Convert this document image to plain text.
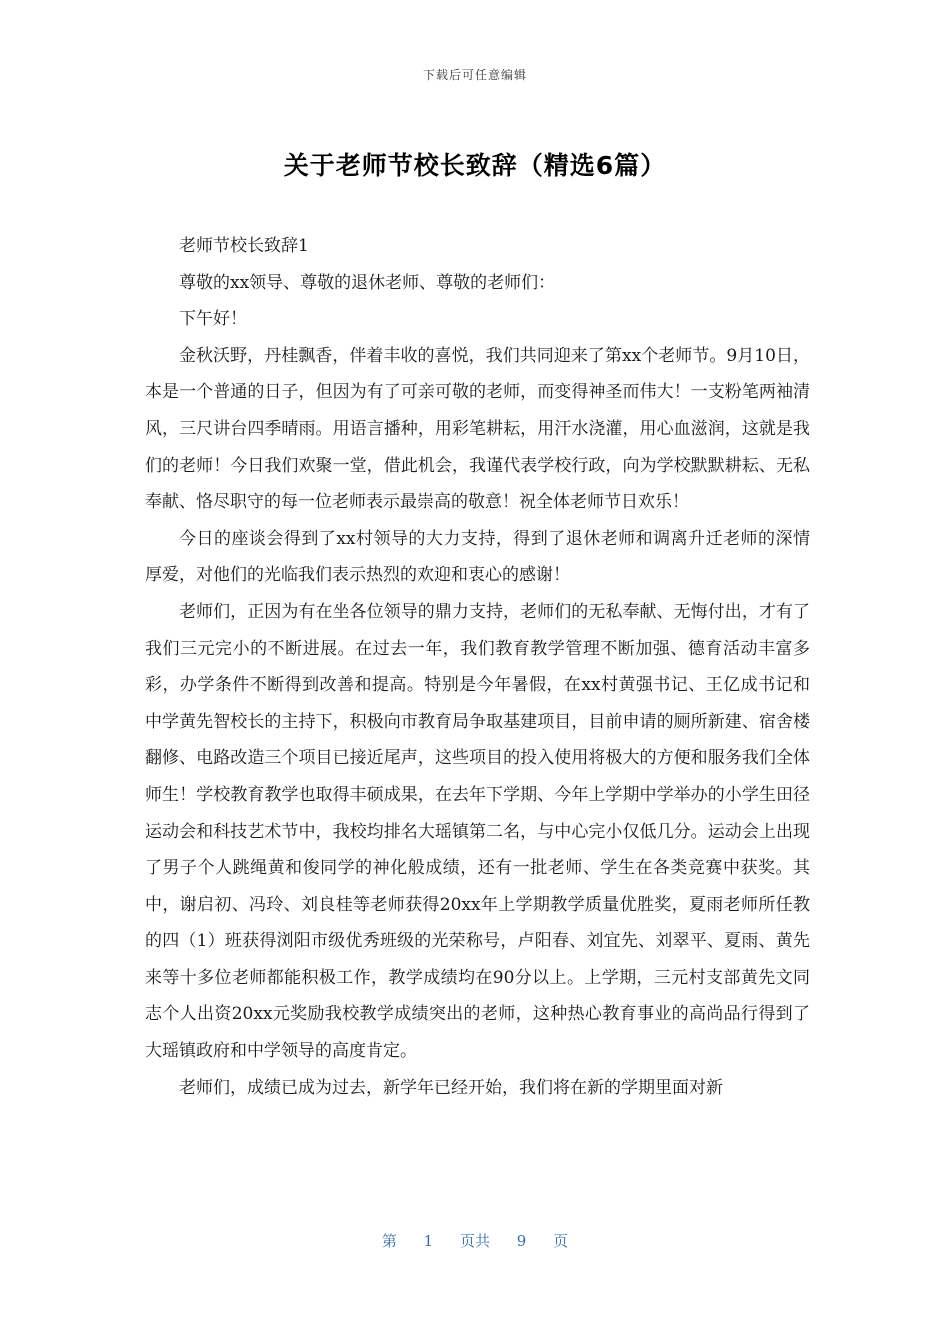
下载后可任意编辑
关于老师节校长致辞（精选6篇）

老师节校长致辞1

尊敬的xx领导、尊敬的退休老师、尊敬的老师们：

下午好！

金秋沃野，丹桂飘香，伴着丰收的喜悦，我们共同迎来了第xx个老师节。9月10日，本是一个普通的日子，但因为有了可亲可敬的老师，而变得神圣而伟大！一支粉笔两袖清风，三尺讲台四季晴雨。用语言播种，用彩笔耕耘，用汗水浇灌，用心血滋润，这就是我们的老师！今日我们欢聚一堂，借此机会，我谨代表学校行政，向为学校默默耕耘、无私奉献、恪尽职守的每一位老师表示最崇高的敬意！祝全体老师节日欢乐！

今日的座谈会得到了xx村领导的大力支持，得到了退休老师和调离升迁老师的深情厚爱，对他们的光临我们表示热烈的欢迎和衷心的感谢！

老师们，正因为有在坐各位领导的鼎力支持，老师们的无私奉献、无悔付出，才有了我们三元完小的不断进展。在过去一年，我们教育教学管理不断加强、德育活动丰富多彩，办学条件不断得到改善和提高。特别是今年暑假，在xx村黄强书记、王亿成书记和中学黄先智校长的主持下，积极向市教育局争取基建项目，目前申请的厕所新建、宿舍楼翻修、电路改造三个项目已接近尾声，这些项目的投入使用将极大的方便和服务我们全体师生！学校教育教学也取得丰硕成果，在去年下学期、今年上学期中学举办的小学生田径运动会和科技艺术节中，我校均排名大瑶镇第二名，与中心完小仅低几分。运动会上出现了男子个人跳绳黄和俊同学的神化般成绩，还有一批老师、学生在各类竞赛中获奖。其中，谢启初、冯玲、刘良桂等老师获得20xx年上学期教学质量优胜奖，夏雨老师所任教的四（1）班获得浏阳市级优秀班级的光荣称号，卢阳春、刘宜先、刘翠平、夏雨、黄先来等十多位老师都能积极工作，教学成绩均在90分以上。上学期，三元村支部黄先文同志个人出资20xx元奖励我校教学成绩突出的老师，这种热心教育事业的高尚品行得到了大瑶镇政府和中学领导的高度肯定。

老师们，成绩已成为过去，新学年已经开始，我们将在新的学期里面对新

第 1 页共 9 页
